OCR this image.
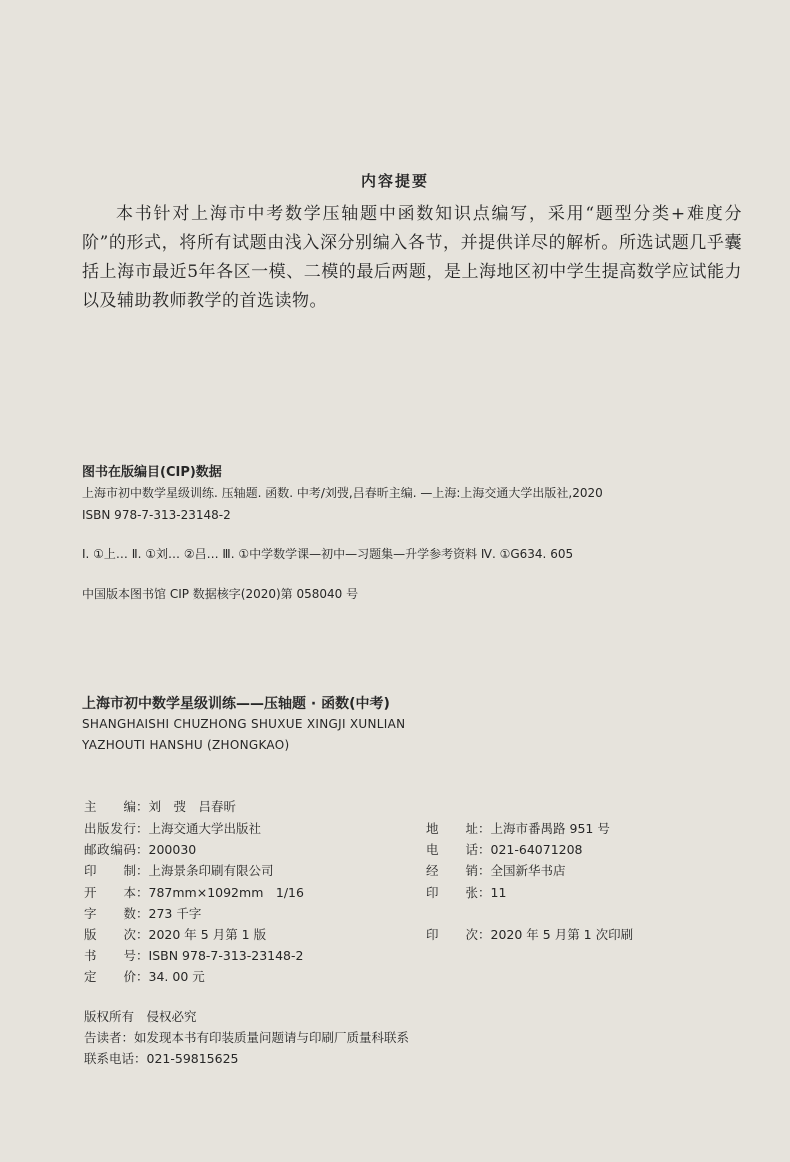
内容提要

本书针对上海市中考数学压轴题中函数知识点编写，采用“题型分类+难度分阶”的形式，将所有试题由浅入深分别编入各节，并提供详尽的解析。所选试题几乎囊括上海市最近5年各区一模、二模的最后两题，是上海地区初中学生提高数学应试能力以及辅助教师教学的首选读物。

图书在版编目(CIP)数据
上海市初中数学星级训练. 压轴题. 函数. 中考/刘弢,吕春昕主编. —上海:上海交通大学出版社,2020
ISBN 978-7-313-23148-2
Ⅰ. ①上… Ⅱ. ①刘… ②吕… Ⅲ. ①中学数学课—初中—习题集—升学参考资料 Ⅳ. ①G634. 605
中国版本图书馆 CIP 数据核字(2020)第 058040 号
上海市初中数学星级训练——压轴题 · 函数(中考)
SHANGHAISHI CHUZHONG SHUXUE XINGJI XUNLIAN
YAZHOUTI HANSHU (ZHONGKAO)
主　　编：刘　弢　吕春昕
出版发行：上海交通大学出版社
邮政编码：200030
印　　制：上海景条印刷有限公司
开　　本：787mm×1092mm　1/16
字　　数：273 千字
版　　次：2020 年 5 月第 1 版
书　　号：ISBN 978-7-313-23148-2
定　　价：34. 00 元
地　　址：上海市番禺路 951 号
电　　话：021-64071208
经　　销：全国新华书店
印　　张：11
印　　次：2020 年 5 月第 1 次印刷
版权所有　侵权必究
告读者：如发现本书有印装质量问题请与印刷厂质量科联系
联系电话：021-59815625
